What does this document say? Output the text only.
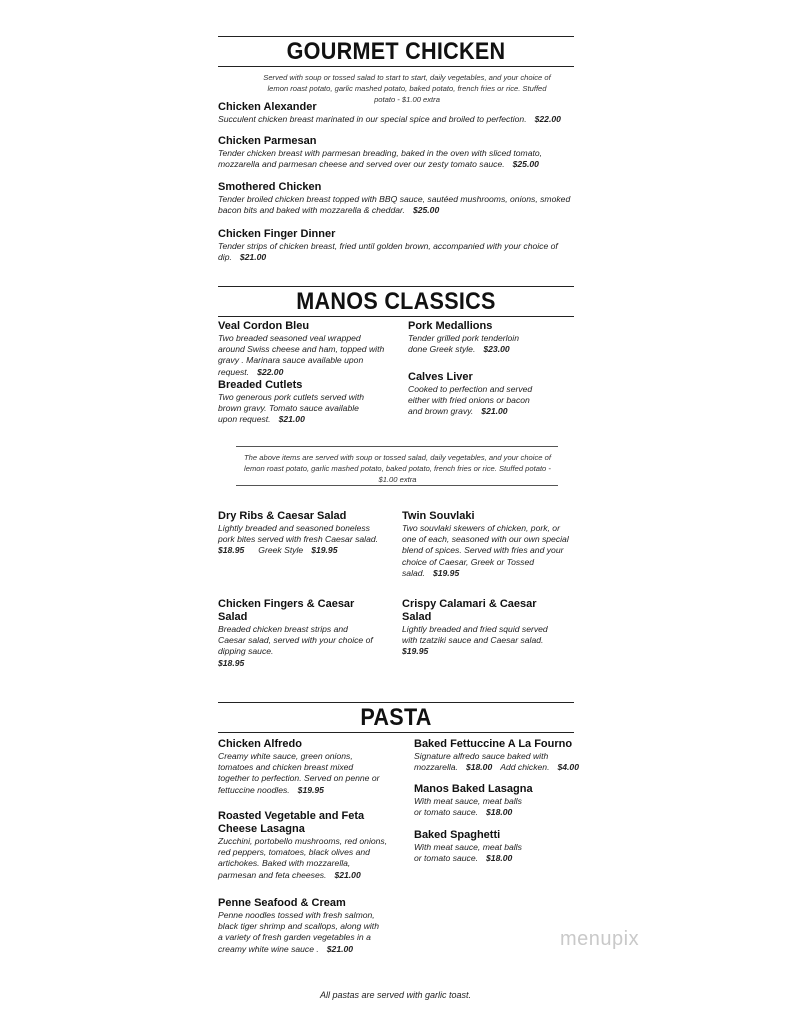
GOURMET CHICKEN
Served with soup or tossed salad to start to start, daily vegetables, and your choice of lemon roast potato, garlic mashed potato, baked potato, french fries or rice. Stuffed potato - $1.00 extra
Chicken Alexander
Succulent chicken breast marinated in our special spice and broiled to perfection. $22.00
Chicken Parmesan
Tender chicken breast with parmesan breading, baked in the oven with sliced tomato, mozzarella and parmesan cheese and served over our zesty tomato sauce. $25.00
Smothered Chicken
Tender broiled chicken breast topped with BBQ sauce, sautéed mushrooms, onions, smoked bacon bits and baked with mozzarella & cheddar. $25.00
Chicken Finger Dinner
Tender strips of chicken breast, fried until golden brown, accompanied with your choice of dip. $21.00
MANOS CLASSICS
Veal Cordon Bleu
Two breaded seasoned veal wrapped around Swiss cheese and ham, topped with gravy . Marinara sauce available upon request. $22.00
Breaded Cutlets
Two generous pork cutlets served with brown gravy. Tomato sauce available upon request. $21.00
Pork Medallions
Tender grilled pork tenderloin done Greek style. $23.00
Calves Liver
Cooked to perfection and served either with fried onions or bacon and brown gravy. $21.00
The above items are served with soup or tossed salad, daily vegetables, and your choice of lemon roast potato, garlic mashed potato, baked potato, french fries or rice. Stuffed potato - $1.00 extra
Dry Ribs & Caesar Salad
Lightly breaded and seasoned boneless pork bites served with fresh Caesar salad.
$18.95 Greek Style $19.95
Twin Souvlaki
Two souvlaki skewers of chicken, pork, or one of each, seasoned with our own special blend of spices. Served with fries and your choice of Caesar, Greek or Tossed salad. $19.95
Chicken Fingers & Caesar Salad
Breaded chicken breast strips and Caesar salad, served with your choice of dipping sauce.
$18.95
Crispy Calamari & Caesar Salad
Lightly breaded and fried squid served with tzatziki sauce and Caesar salad.
$19.95
PASTA
Chicken Alfredo
Creamy white sauce, green onions, tomatoes and chicken breast mixed together to perfection. Served on penne or fettuccine noodles. $19.95
Roasted Vegetable and Feta Cheese Lasagna
Zucchini, portobello mushrooms, red onions, red peppers, tomatoes, black olives and artichokes. Baked with mozzarella, parmesan and feta cheeses. $21.00
Penne Seafood & Cream
Penne noodles tossed with fresh salmon, black tiger shrimp and scallops, along with a variety of fresh garden vegetables in a creamy white wine sauce . $21.00
Baked Fettuccine A La Fourno
Signature alfredo sauce baked with mozzarella. $18.00 Add chicken. $4.00
Manos Baked Lasagna
With meat sauce, meat balls or tomato sauce. $18.00
Baked Spaghetti
With meat sauce, meat balls or tomato sauce. $18.00
menupix
All pastas are served with garlic toast.
